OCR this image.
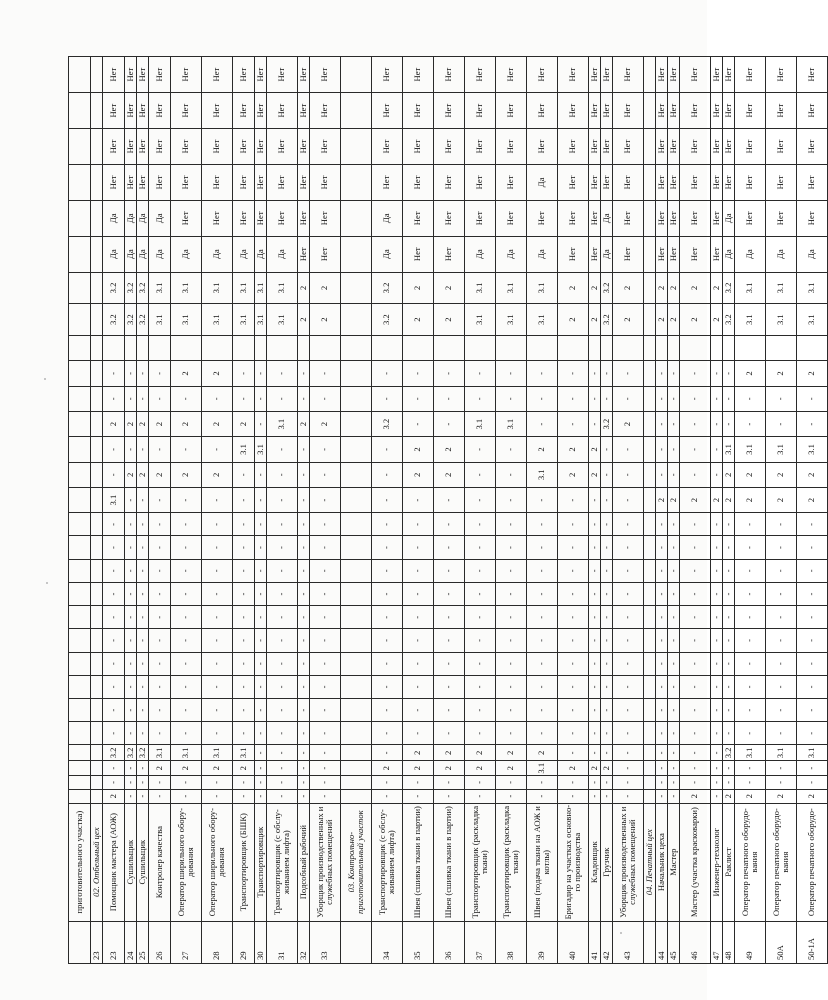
	приготовительного участка)																													
23	02. Отбельный цех																													
23	Помощник мастера (АОЖ)	2	-	-	3.2	-	-	-	-	-	-	-	-	-	-	3.1	-	-	2	-	-		3.2	3.2	Да	Да	Нет	Нет	Нет	Нет
24	Сушильщик	-	-	-	3.2	-	-	-	-	-	-	-	-	-	-	-	2	-	2	-	-		3.2	3.2	Да	Да	Нет	Нет	Нет	Нет
25	Сушильщик	-	-	-	3.2	-	-	-	-	-	-	-	-	-	-	-	2	-	2	-	-		3.2	3.2	Да	Да	Нет	Нет	Нет	Нет
26	Контролер качества	-	-	2	3.1	-	-	-	-	-	-	-	-	-	-	-	2	-	2	-	-		3.1	3.1	Да	Да	Нет	Нет	Нет	Нет
27	Оператор ширильного обору-дования	-	-	2	3.1	-	-	-	-	-	-	-	-	-	-	-	2	-	2	-	2		3.1	3.1	Да	Нет	Нет	Нет	Нет	Нет
28	Оператор ширильного обору-дования	-	-	2	3.1	-	-	-	-	-	-	-	-	-	-	-	2	-	2	-	2		3.1	3.1	Да	Нет	Нет	Нет	Нет	Нет
29	Транспортировщик (БШК)	-	-	2	3.1	-	-	-	-	-	-	-	-	-	-	-	-	3.1	2	-	-		3.1	3.1	Да	Нет	Нет	Нет	Нет	Нет
30	Транспортировщик	-	-	-	-	-	-	-	-	-	-	-	-	-	-	-	-	3.1	-	-	-		3.1	3.1	Да	Нет	Нет	Нет	Нет	Нет
31	Транспортировщик (с обслу-живанием лифта)	-	-	-	-	-	-	-	-	-	-	-	-	-	-	-	-	-	3.1	-	-		3.1	3.1	Да	Нет	Нет	Нет	Нет	Нет
32	Подсобный рабочий	-	-	-	-	-	-	-	-	-	-	-	-	-	-	-	-	-	2	-	-		2	2	Нет	Нет	Нет	Нет	Нет	Нет
33	Уборщик производственных и служебных помещений	-	-	-	-	-	-	-	-	-	-	-	-	-	-	-	-	-	2	-	-		2	2	Нет	Нет	Нет	Нет	Нет	Нет
	03. Контрольно-приготовительный участок																													
34	Транспортировщик (с обслу-живанием лифта)	-	-	2	-	-	-	-	-	-	-	-	-	-	-	-	-	-	3.2	-	-		3.2	3.2	Да	Да	Нет	Нет	Нет	Нет
35	Швея (сшивка ткани в партии)	-	-	2	2	-	-	-	-	-	-	-	-	-	-	-	2	2	-	-	-		2	2	Нет	Нет	Нет	Нет	Нет	Нет
36	Швея (сшивка ткани в партии)	-	-	2	2	-	-	-	-	-	-	-	-	-	-	-	2	2	-	-	-		2	2	Нет	Нет	Нет	Нет	Нет	Нет
37	Транспортировщик (раскладка ткани)	-	-	2	2	-	-	-	-	-	-	-	-	-	-	-	-	-	3.1	-	-		3.1	3.1	Да	Нет	Нет	Нет	Нет	Нет
38	Транспортировщик (раскладка ткани)	-	-	2	2	-	-	-	-	-	-	-	-	-	-	-	-	-	3.1	-	-		3.1	3.1	Да	Нет	Нет	Нет	Нет	Нет
39	Швея (подача ткани на АОЖ и котлы)	-	-	3.1	2	-	-	-	-	-	-	-	-	-	-	-	3.1	2	-	-	-		3.1	3.1	Да	Нет	Да	Нет	Нет	Нет
40	Бригадир на участках основно-го производства	-	-	2	-	-	-	-	-	-	-	-	-	-	-	-	2	2	-	-	-		2	2	Нет	Нет	Нет	Нет	Нет	Нет
41	Кладовщик	-	-	2	-	-	-	-	-	-	-	-	-	-	-	-	2	2	-	-	-		2	2	Нет	Нет	Нет	Нет	Нет	Нет
42	Грузчик	-	-	2	-	-	-	-	-	-	-	-	-	-	-	-	-	-	3.2	-	-		3.2	3.2	Да	Да	Нет	Нет	Нет	Нет
43	Уборщик производственных и служебных помещений	-	-	-	-	-	-	-	-	-	-	-	-	-	-	-	-	-	2	-	-		2	2	Нет	Нет	Нет	Нет	Нет	Нет
	04. Печатный цех																													
44	Начальник цеха	-	-	-	-	-	-	-	-	-	-	-	-	-	-	2	-	-	-	-	-		2	2	Нет	Нет	Нет	Нет	Нет	Нет
45	Мастер	-	-	-	-	-	-	-	-	-	-	-	-	-	-	2	-	-	-	-	-		2	2	Нет	Нет	Нет	Нет	Нет	Нет
46	Мастер (участка красковарки)	2	-	-	-	-	-	-	-	-	-	-	-	-	-	2	-	-	-	-	-		2	2	Нет	Нет	Нет	Нет	Нет	Нет
47	Инженер-технолог	-	-	-	-	-	-	-	-	-	-	-	-	-	-	2	-	-	-	-	-		2	2	Нет	Нет	Нет	Нет	Нет	Нет
48	Раклист	2	-	-	3.2	-	-	-	-	-	-	-	-	-	-	2	2	3.1	-	-	-		3.2	3.2	Да	Да	Нет	Нет	Нет	Нет
49	Оператор печатного оборудо-вания	2	-	-	3.1	-	-	-	-	-	-	-	-	-	-	2	2	3.1	-	-	2		3.1	3.1	Да	Нет	Нет	Нет	Нет	Нет
50А	Оператор печатного оборудо-вания	2	-	-	3.1	-	-	-	-	-	-	-	-	-	-	2	2	3.1	-	-	2		3.1	3.1	Да	Нет	Нет	Нет	Нет	Нет
50-1А	Оператор печатного оборудо-	2	-	-	3.1	-	-	-	-	-	-	-	-	-	-	2	2	3.1	-	-	2		3.1	3.1	Да	Нет	Нет	Нет	Нет	Нет
